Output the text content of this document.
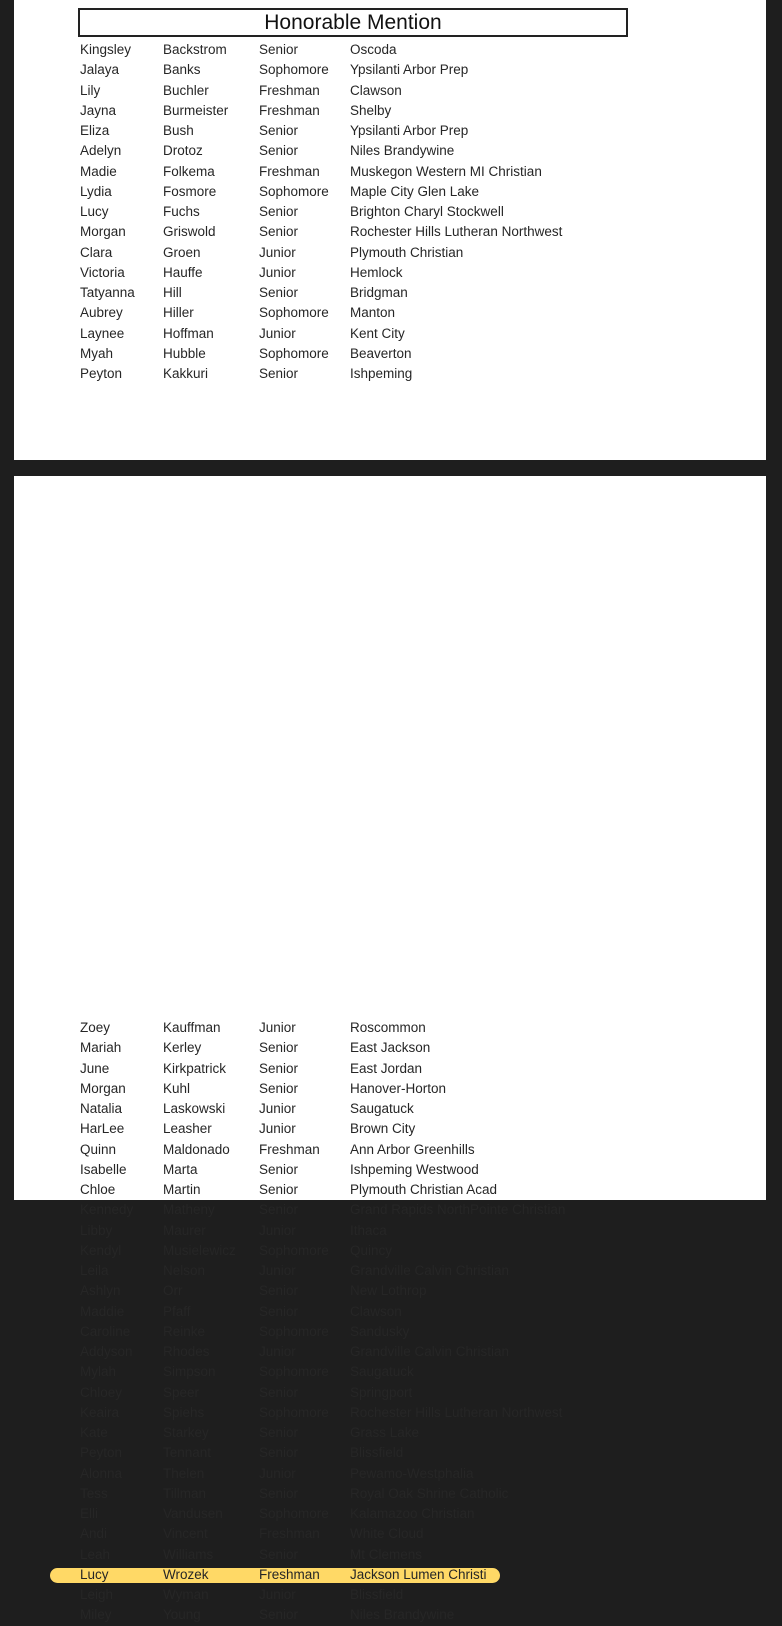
Honorable Mention
Kingsley Backstrom Senior	Oscoda
Jalaya	Banks	Sophomore Ypsilanti Arbor Prep
Lily	Buchler	Freshman Clawson
Jayna	Burmeister Freshman Shelby
Eliza	Bush	Senior	Ypsilanti Arbor Prep
Adelyn	Drotoz	Senior	Niles Brandywine
Madie	Folkema	Freshman Muskegon Western MI Christian
Lydia	Fosmore	Sophomore Maple City Glen Lake
Lucy	Fuchs	Senior	Brighton Charyl Stockwell
Morgan	Griswold	Senior	Rochester Hills Lutheran Northwest
Clara	Groen	Junior	Plymouth Christian
Victoria	Hauffe	Junior	Hemlock
Tatyanna Hill	Senior	Bridgman
Aubrey	Hiller	Sophomore Manton
Laynee	Hoffman	Junior	Kent City
Myah	Hubble	Sophomore Beaverton
Peyton	Kakkuri	Senior	Ishpeming
Zoey	Kauffman	Junior	Roscommon
Mariah	Kerley	Senior	East Jackson
June	Kirkpatrick Senior	East Jordan
Morgan	Kuhl	Senior	Hanover-Horton
Natalia	Laskowski Junior	Saugatuck
HarLee	Leasher	Junior	Brown City
Quinn	Maldonado Freshman Ann Arbor Greenhills
Isabelle	Marta	Senior	Ishpeming Westwood
Chloe	Martin	Senior	Plymouth Christian Acad
Kennedy Matheny	Senior	Grand Rapids NorthPointe Christian
Libby	Maurer	Junior	Ithaca
Kendyl	Musielewicz Sophomore Quincy
Leila	Nelson	Junior	Grandville Calvin Christian
Ashlyn	Orr	Senior	New Lothrop
Maddie	Pfaff	Senior	Clawson
Caroline Reinke	Sophomore Sandusky
Addyson Rhodes	Junior	Grandville Calvin Christian
Mylah	Simpson	Sophomore Saugatuck
Chloey	Speer	Senior	Springport
Keaira	Spiehs	Sophomore Rochester Hills Lutheran Northwest
Kate	Starkey	Senior	Grass Lake
Peyton	Tennant	Senior	Blissfield
Alonna	Thelen	Junior	Pewamo-Westphalia
Tess	Tillman	Senior	Royal Oak Shrine Catholic
Elli	Vandusen	Sophomore Kalamazoo Christian
Andi	Vincent	Freshman White Cloud
Leah	Williams	Senior	Mt Clemens
Lucy	Wrozek	Freshman Jackson Lumen Christi
Leigh	Wyman	Junior	Blissfield
Miley	Young	Senior	Niles Brandywine
